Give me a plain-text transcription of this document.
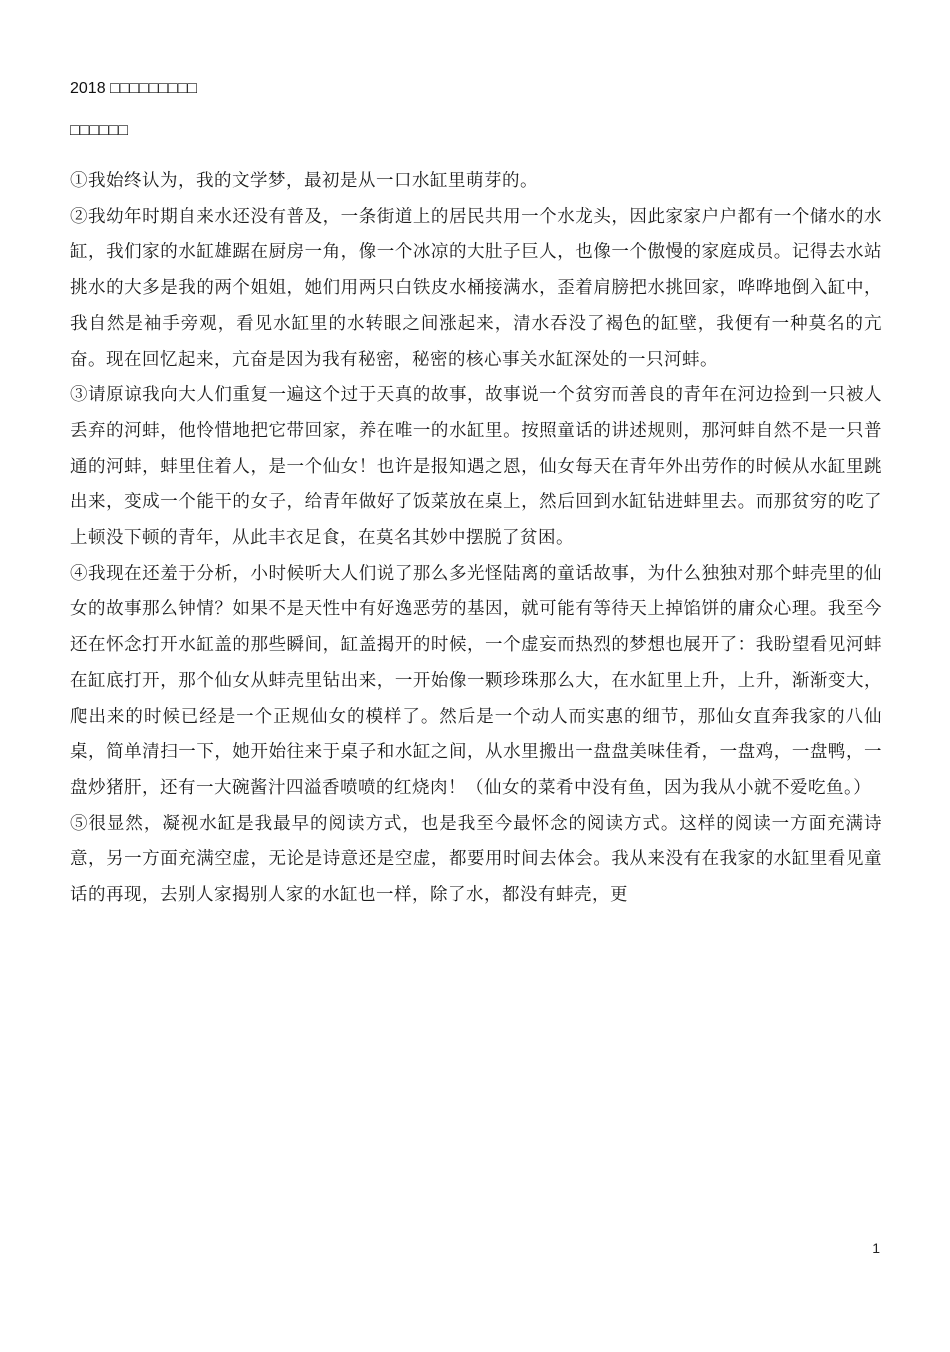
2018 □□□□□□□□□
□□□□□□

①我始终认为，我的文学梦，最初是从一口水缸里萌芽的。

②我幼年时期自来水还没有普及，一条街道上的居民共用一个水龙头，因此家家户户都有一个储水的水缸，我们家的水缸雄踞在厨房一角，像一个冰凉的大肚子巨人，也像一个傲慢的家庭成员。记得去水站挑水的大多是我的两个姐姐，她们用两只白铁皮水桶接满水，歪着肩膀把水挑回家，哗哗地倒入缸中，我自然是袖手旁观，看见水缸里的水转眼之间涨起来，清水吞没了褐色的缸壁，我便有一种莫名的亢奋。现在回忆起来，亢奋是因为我有秘密，秘密的核心事关水缸深处的一只河蚌。

③请原谅我向大人们重复一遍这个过于天真的故事，故事说一个贫穷而善良的青年在河边捡到一只被人丢弃的河蚌，他怜惜地把它带回家，养在唯一的水缸里。按照童话的讲述规则，那河蚌自然不是一只普通的河蚌，蚌里住着人，是一个仙女！也许是报知遇之恩，仙女每天在青年外出劳作的时候从水缸里跳出来，变成一个能干的女子，给青年做好了饭菜放在桌上，然后回到水缸钻进蚌里去。而那贫穷的吃了上顿没下顿的青年，从此丰衣足食，在莫名其妙中摆脱了贫困。

④我现在还羞于分析，小时候听大人们说了那么多光怪陆离的童话故事，为什么独独对那个蚌壳里的仙女的故事那么钟情？如果不是天性中有好逸恶劳的基因，就可能有等待天上掉馅饼的庸众心理。我至今还在怀念打开水缸盖的那些瞬间，缸盖揭开的时候，一个虚妄而热烈的梦想也展开了：我盼望看见河蚌在缸底打开，那个仙女从蚌壳里钻出来，一开始像一颗珍珠那么大，在水缸里上升，上升，渐渐变大，爬出来的时候已经是一个正规仙女的模样了。然后是一个动人而实惠的细节，那仙女直奔我家的八仙桌，简单清扫一下，她开始往来于桌子和水缸之间，从水里搬出一盘盘美味佳肴，一盘鸡，一盘鸭，一盘炒猪肝，还有一大碗酱汁四溢香喷喷的红烧肉！（仙女的菜肴中没有鱼，因为我从小就不爱吃鱼。）

⑤很显然，凝视水缸是我最早的阅读方式，也是我至今最怀念的阅读方式。这样的阅读一方面充满诗意，另一方面充满空虚，无论是诗意还是空虚，都要用时间去体会。我从来没有在我家的水缸里看见童话的再现，去别人家揭别人家的水缸也一样，除了水，都没有蚌壳，更

1
